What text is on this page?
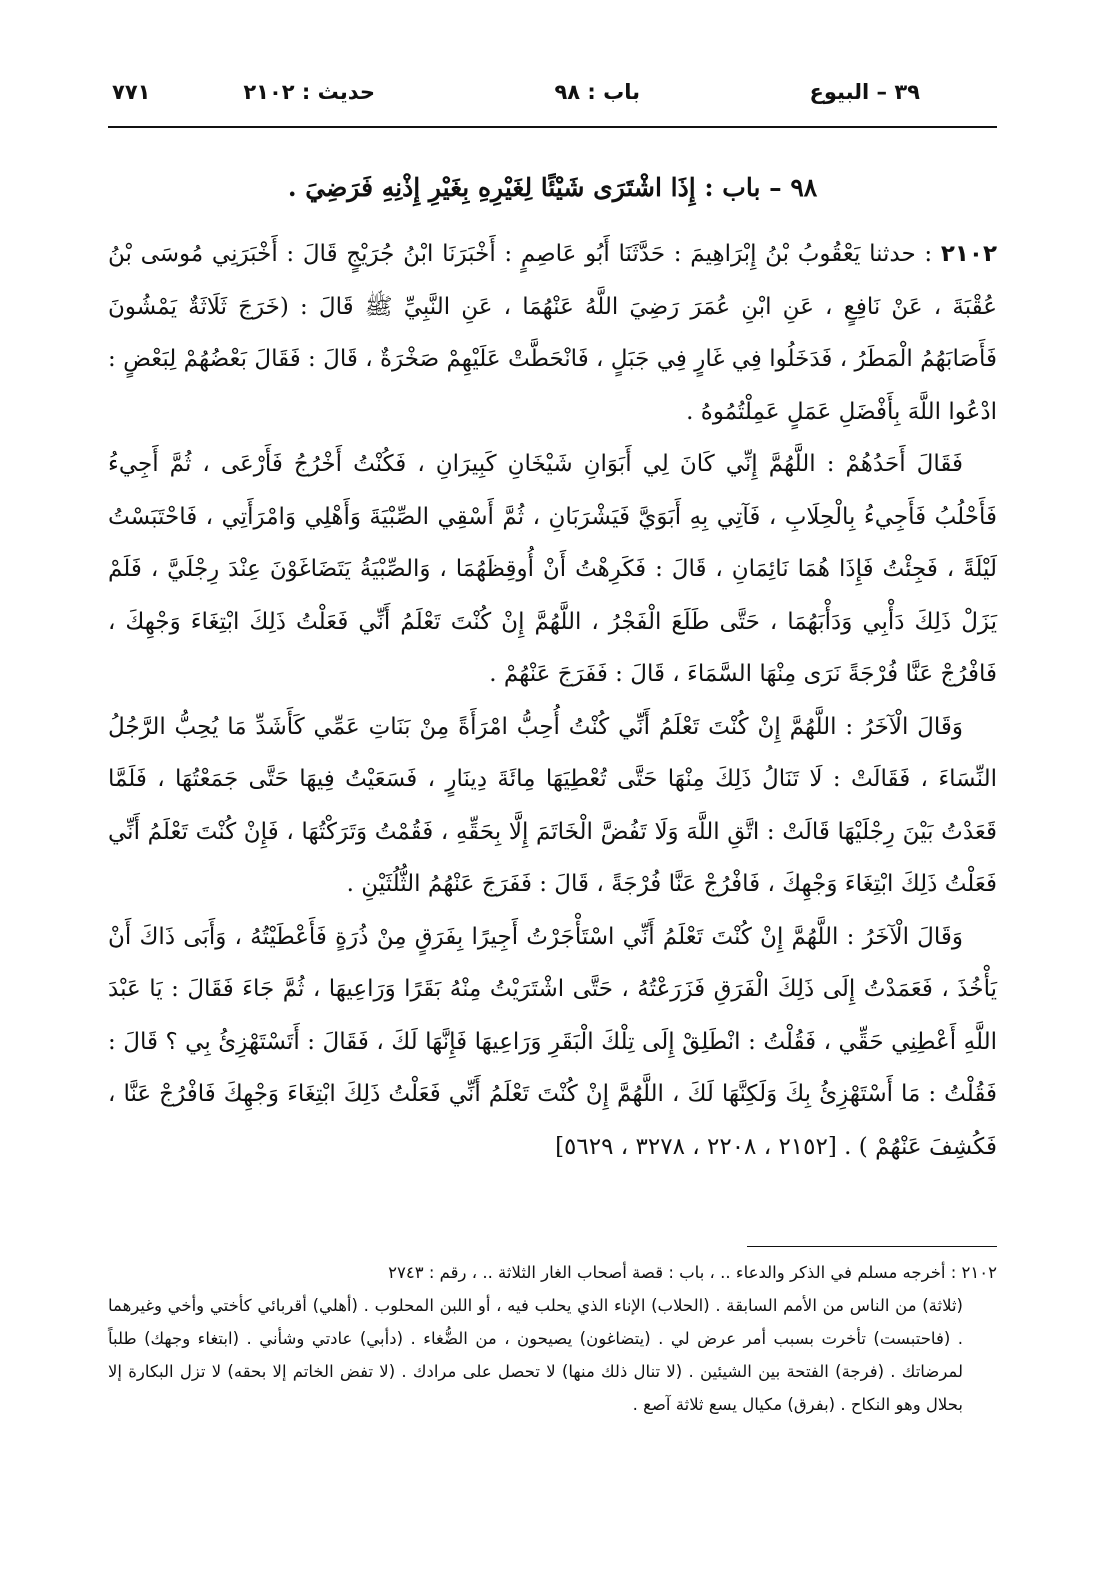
٣٩ – البيوع
باب : ٩٨
حديث : ٢١٠٢
٧٧١
٩٨ – باب : إِذَا اشْتَرَى شَيْئًا لِغَيْرِهِ بِغَيْرِ إِذْنِهِ فَرَضِيَ .

٢١٠٢ : حدثنا يَعْقُوبُ بْنُ إِبْرَاهِيمَ : حَدَّثَنَا أَبُو عَاصِمٍ : أَخْبَرَنَا ابْنُ جُرَيْجٍ قَالَ : أَخْبَرَنِي مُوسَى بْنُ عُقْبَةَ ، عَنْ نَافِعٍ ، عَنِ ابْنِ عُمَرَ رَضِيَ اللَّهُ عَنْهُمَا ، عَنِ النَّبِيِّ ﷺ قَالَ : (خَرَجَ ثَلَاثَةٌ يَمْشُونَ فَأَصَابَهُمُ الْمَطَرُ ، فَدَخَلُوا فِي غَارٍ فِي جَبَلٍ ، فَانْحَطَّتْ عَلَيْهِمْ صَخْرَةٌ ، قَالَ : فَقَالَ بَعْضُهُمْ لِبَعْضٍ : ادْعُوا اللَّهَ بِأَفْضَلِ عَمَلٍ عَمِلْتُمُوهُ .

فَقَالَ أَحَدُهُمْ : اللَّهُمَّ إِنِّي كَانَ لِي أَبَوَانِ شَيْخَانِ كَبِيرَانِ ، فَكُنْتُ أَخْرُجُ فَأَرْعَى ، ثُمَّ أَجِيءُ فَأَحْلُبُ فَأَجِيءُ بِالْحِلَابِ ، فَآتِي بِهِ أَبَوَيَّ فَيَشْرَبَانِ ، ثُمَّ أَسْقِي الصِّبْيَةَ وَأَهْلِي وَامْرَأَتِي ، فَاحْتَبَسْتُ لَيْلَةً ، فَجِئْتُ فَإِذَا هُمَا نَائِمَانِ ، قَالَ : فَكَرِهْتُ أَنْ أُوقِظَهُمَا ، وَالصِّبْيَةُ يَتَضَاغَوْنَ عِنْدَ رِجْلَيَّ ، فَلَمْ يَزَلْ ذَلِكَ دَأْبِي وَدَأْبَهُمَا ، حَتَّى طَلَعَ الْفَجْرُ ، اللَّهُمَّ إِنْ كُنْتَ تَعْلَمُ أَنِّي فَعَلْتُ ذَلِكَ ابْتِغَاءَ وَجْهِكَ ، فَافْرُجْ عَنَّا فُرْجَةً نَرَى مِنْهَا السَّمَاءَ ، قَالَ : فَفَرَجَ عَنْهُمْ .

وَقَالَ الْآخَرُ : اللَّهُمَّ إِنْ كُنْتَ تَعْلَمُ أَنِّي كُنْتُ أُحِبُّ امْرَأَةً مِنْ بَنَاتِ عَمِّي كَأَشَدِّ مَا يُحِبُّ الرَّجُلُ النِّسَاءَ ، فَقَالَتْ : لَا تَنَالُ ذَلِكَ مِنْهَا حَتَّى تُعْطِيَهَا مِائَةَ دِينَارٍ ، فَسَعَيْتُ فِيهَا حَتَّى جَمَعْتُهَا ، فَلَمَّا قَعَدْتُ بَيْنَ رِجْلَيْهَا قَالَتْ : اتَّقِ اللَّهَ وَلَا تَفُضَّ الْخَاتَمَ إِلَّا بِحَقِّهِ ، فَقُمْتُ وَتَرَكْتُهَا ، فَإِنْ كُنْتَ تَعْلَمُ أَنِّي فَعَلْتُ ذَلِكَ ابْتِغَاءَ وَجْهِكَ ، فَافْرُجْ عَنَّا فُرْجَةً ، قَالَ : فَفَرَجَ عَنْهُمُ الثُّلُثَيْنِ .

وَقَالَ الْآخَرُ : اللَّهُمَّ إِنْ كُنْتَ تَعْلَمُ أَنِّي اسْتَأْجَرْتُ أَجِيرًا بِفَرَقٍ مِنْ ذُرَةٍ فَأَعْطَيْتُهُ ، وَأَبَى ذَاكَ أَنْ يَأْخُذَ ، فَعَمَدْتُ إِلَى ذَلِكَ الْفَرَقِ فَزَرَعْتُهُ ، حَتَّى اشْتَرَيْتُ مِنْهُ بَقَرًا وَرَاعِيهَا ، ثُمَّ جَاءَ فَقَالَ : يَا عَبْدَ اللَّهِ أَعْطِنِي حَقِّي ، فَقُلْتُ : انْطَلِقْ إِلَى تِلْكَ الْبَقَرِ وَرَاعِيهَا فَإِنَّهَا لَكَ ، فَقَالَ : أَتَسْتَهْزِئُ بِي ؟ قَالَ : فَقُلْتُ : مَا أَسْتَهْزِئُ بِكَ وَلَكِنَّهَا لَكَ ، اللَّهُمَّ إِنْ كُنْتَ تَعْلَمُ أَنِّي فَعَلْتُ ذَلِكَ ابْتِغَاءَ وَجْهِكَ فَافْرُجْ عَنَّا ، فَكُشِفَ عَنْهُمْ ) . [٢١٥٢ ، ٢٢٠٨ ، ٣٢٧٨ ، ٥٦٢٩]

٢١٠٢ : أخرجه مسلم في الذكر والدعاء .. ، باب : قصة أصحاب الغار الثلاثة .. ، رقم : ٢٧٤٣

(ثلاثة) من الناس من الأمم السابقة . (الحلاب) الإناء الذي يحلب فيه ، أو اللبن المحلوب . (أهلي) أقربائي كأختي وأخي وغيرهما . (فاحتبست) تأخرت بسبب أمر عرض لي . (يتضاغون) يصيحون ، من الضُّغاء . (دأبي) عادتي وشأني . (ابتغاء وجهك) طلباً لمرضاتك . (فرجة) الفتحة بين الشيئين . (لا تنال ذلك منها) لا تحصل على مرادك . (لا تفض الخاتم إلا بحقه) لا تزل البكارة إلا بحلال وهو النكاح . (بفرق) مكيال يسع ثلاثة آصع .
